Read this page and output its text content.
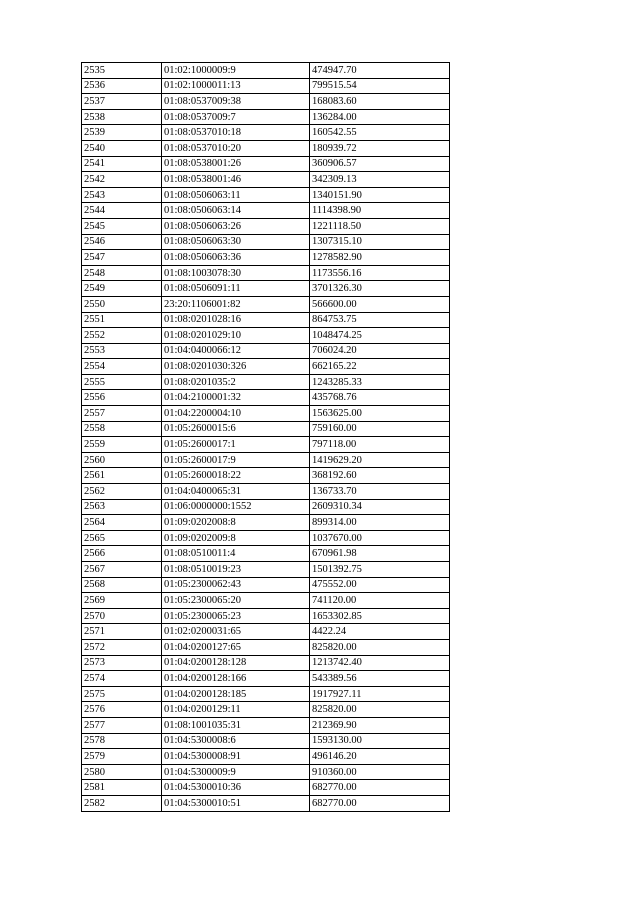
2535	01:02:1000009:9	474947.70
2536	01:02:1000011:13	799515.54
2537	01:08:0537009:38	168083.60
2538	01:08:0537009:7	136284.00
2539	01:08:0537010:18	160542.55
2540	01:08:0537010:20	180939.72
2541	01:08:0538001:26	360906.57
2542	01:08:0538001:46	342309.13
2543	01:08:0506063:11	1340151.90
2544	01:08:0506063:14	1114398.90
2545	01:08:0506063:26	1221118.50
2546	01:08:0506063:30	1307315.10
2547	01:08:0506063:36	1278582.90
2548	01:08:1003078:30	1173556.16
2549	01:08:0506091:11	3701326.30
2550	23:20:1106001:82	566600.00
2551	01:08:0201028:16	864753.75
2552	01:08:0201029:10	1048474.25
2553	01:04:0400066:12	706024.20
2554	01:08:0201030:326	662165.22
2555	01:08:0201035:2	1243285.33
2556	01:04:2100001:32	435768.76
2557	01:04:2200004:10	1563625.00
2558	01:05:2600015:6	759160.00
2559	01:05:2600017:1	797118.00
2560	01:05:2600017:9	1419629.20
2561	01:05:2600018:22	368192.60
2562	01:04:0400065:31	136733.70
2563	01:06:0000000:1552	2609310.34
2564	01:09:0202008:8	899314.00
2565	01:09:0202009:8	1037670.00
2566	01:08:0510011:4	670961.98
2567	01:08:0510019:23	1501392.75
2568	01:05:2300062:43	475552.00
2569	01:05:2300065:20	741120.00
2570	01:05:2300065:23	1653302.85
2571	01:02:0200031:65	4422.24
2572	01:04:0200127:65	825820.00
2573	01:04:0200128:128	1213742.40
2574	01:04:0200128:166	543389.56
2575	01:04:0200128:185	1917927.11
2576	01:04:0200129:11	825820.00
2577	01:08:1001035:31	212369.90
2578	01:04:5300008:6	1593130.00
2579	01:04:5300008:91	496146.20
2580	01:04:5300009:9	910360.00
2581	01:04:5300010:36	682770.00
2582	01:04:5300010:51	682770.00
